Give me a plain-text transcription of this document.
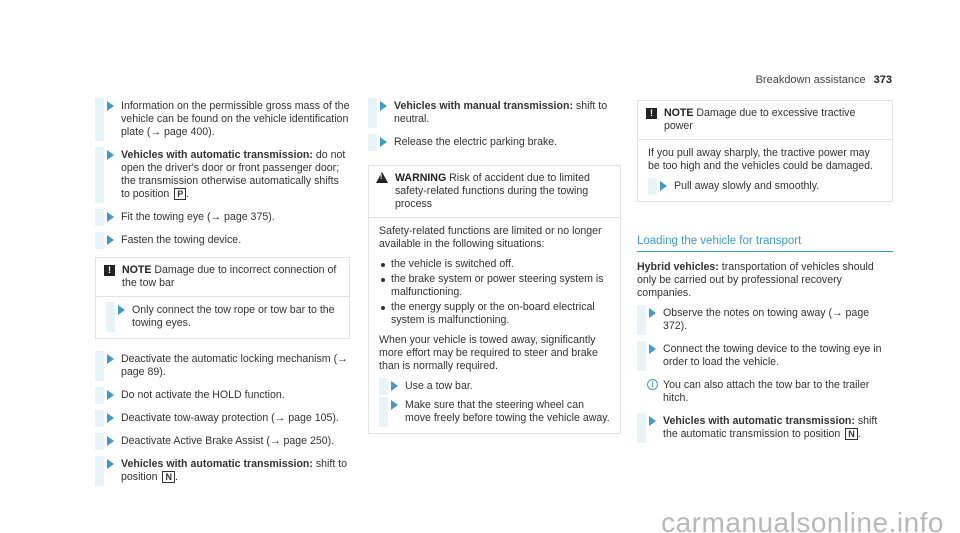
Breakdown assistance 373
Information on the permissible gross mass of the vehicle can be found on the vehicle identification plate (→ page 400).
Vehicles with automatic transmission: do not open the driver's door or front passenger door; the transmission otherwise automatically shifts to position P .
Fit the towing eye (→ page 375).
Fasten the towing device.
!	NOTE Damage due to incorrect connection of the tow bar
Only connect the tow rope or tow bar to the towing eyes.
Deactivate the automatic locking mechanism (→ page 89).
Do not activate the HOLD function.
Deactivate tow-away protection (→ page 105).
Deactivate Active Brake Assist (→ page 250).
Vehicles with automatic transmission: shift to position N .
Vehicles with manual transmission: shift to neutral.
Release the electric parking brake.
! WARNING Risk of accident due to limited safety-related functions during the towing process

Safety-related functions are limited or no longer available in the following situations:

the vehicle is switched off.
the brake system or power steering system is malfunctioning.
the energy supply or the on-board electrical system is malfunctioning.

When your vehicle is towed away, significantly more effort may be required to steer and brake than is normally required.

Use a tow bar.
Make sure that the steering wheel can move freely before towing the vehicle away.
!	NOTE Damage due to excessive tractive power

If you pull away sharply, the tractive power may be too high and the vehicles could be damaged.

Pull away slowly and smoothly.
Loading the vehicle for transport

Hybrid vehicles: transportation of vehicles should only be carried out by professional recovery companies.

Observe the notes on towing away (→ page 372).
Connect the towing device to the towing eye in order to load the vehicle.
i You can also attach the tow bar to the trailer hitch.
Vehicles with automatic transmission: shift the automatic transmission to position N .
carmanualsonline.info
